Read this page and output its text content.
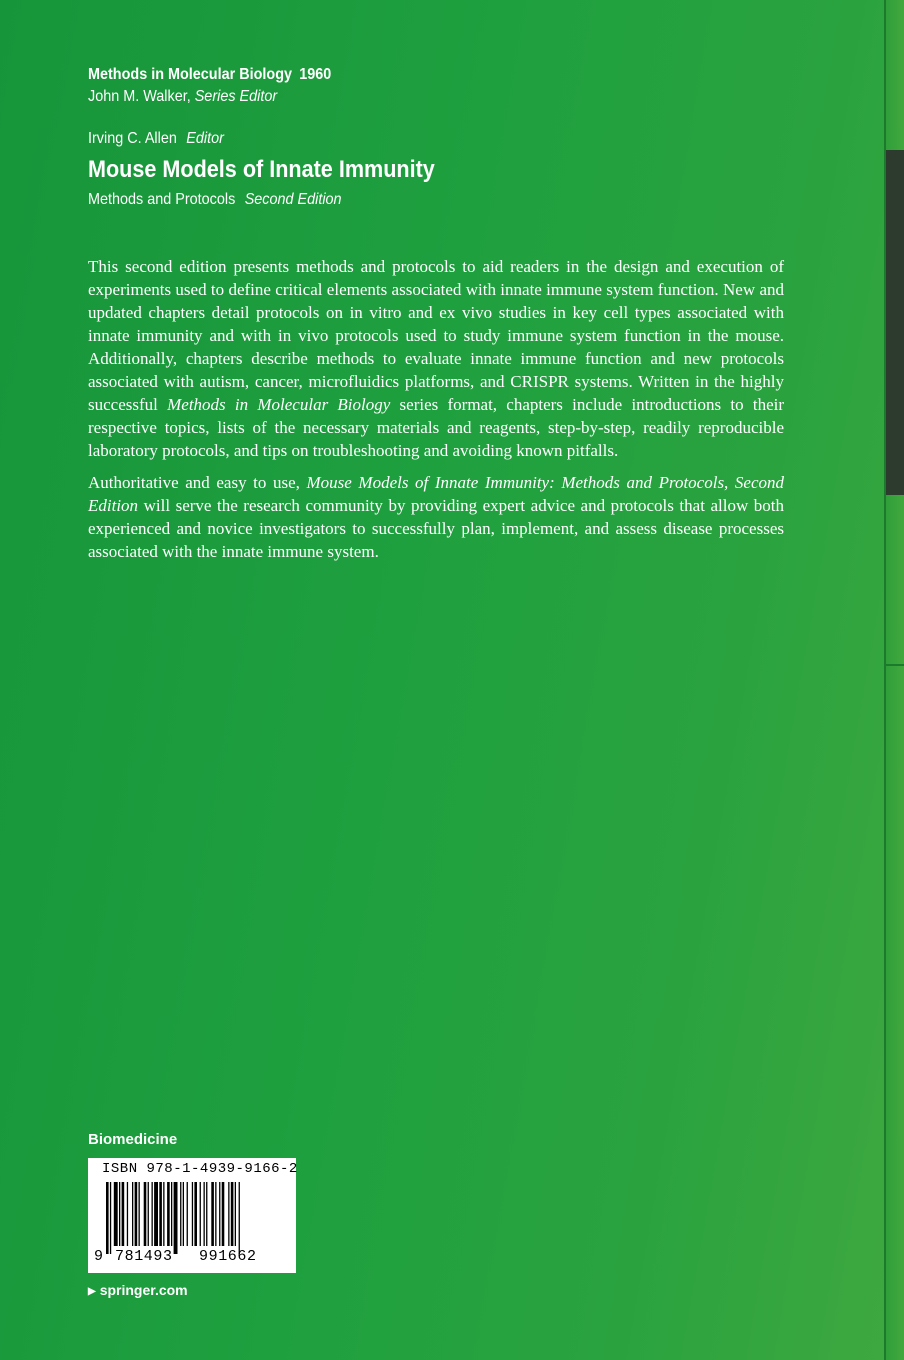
Methods in Molecular Biology 1960
John M. Walker, Series Editor
Irving C. Allen Editor
Mouse Models of Innate Immunity
Methods and Protocols Second Edition

This second edition presents methods and protocols to aid readers in the design and execution of experiments used to define critical elements associated with innate immune system function. New and updated chapters detail protocols on in vitro and ex vivo studies in key cell types associated with innate immunity and with in vivo protocols used to study immune system function in the mouse. Additionally, chapters describe methods to evaluate innate immune function and new protocols associated with autism, cancer, microfluidics platforms, and CRISPR systems. Written in the highly successful Methods in Molecular Biology series format, chapters include introductions to their respective topics, lists of the necessary materials and reagents, step-by-step, readily reproducible laboratory protocols, and tips on troubleshooting and avoiding known pitfalls.

Authoritative and easy to use, Mouse Models of Innate Immunity: Methods and Protocols, Second Edition will serve the research community by providing expert advice and protocols that allow both experienced and novice investigators to successfully plan, implement, and assess disease processes associated with the innate immune system.

Biomedicine
ISBN 978-1-4939-9166-2
9 781493 991662
▶ springer.com
